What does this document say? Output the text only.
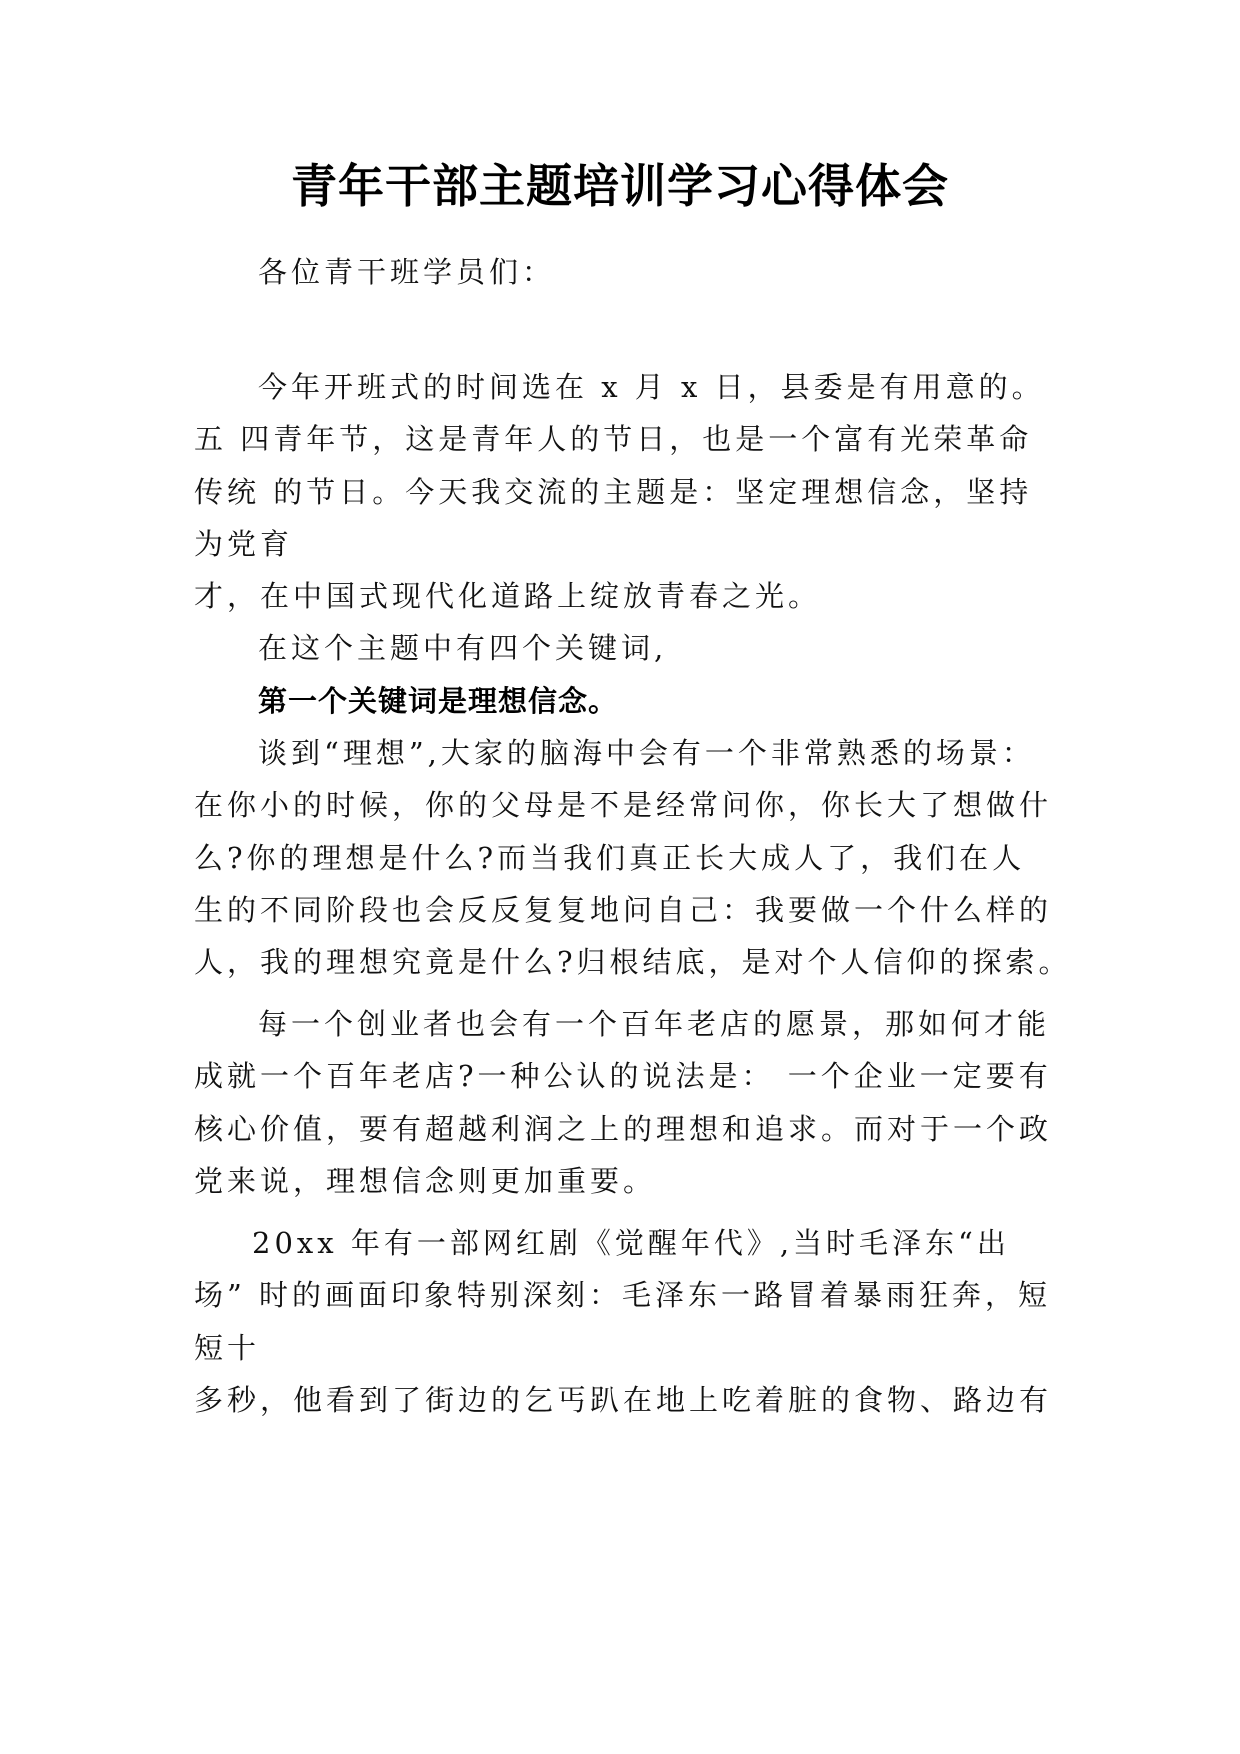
青年干部主题培训学习心得体会
各位青干班学员们：
今年开班式的时间选在 x 月 x 日，县委是有用意的。
五 四青年节，这是青年人的节日，也是一个富有光荣革命
传统 的节日。今天我交流的主题是：坚定理想信念，坚持
为党育
才，在中国式现代化道路上绽放青春之光。
在这个主题中有四个关键词,
第一个关键词是理想信念。
谈到“理想”,大家的脑海中会有一个非常熟悉的场景：
在你小的时候，你的父母是不是经常问你，你长大了想做什
么?你的理想是什么?而当我们真正长大成人了，我们在人
生的不同阶段也会反反复复地问自己：我要做一个什么样的
人，我的理想究竟是什么?归根结底，是对个人信仰的探索。
每一个创业者也会有一个百年老店的愿景，那如何才能
成就一个百年老店?一种公认的说法是： 一个企业一定要有
核心价值，要有超越利润之上的理想和追求。而对于一个政
党来说，理想信念则更加重要。
20xx 年有一部网红剧《觉醒年代》,当时毛泽东“出
场” 时的画面印象特别深刻：毛泽东一路冒着暴雨狂奔，短
短十
多秒，他看到了街边的乞丐趴在地上吃着脏的食物、路边有
